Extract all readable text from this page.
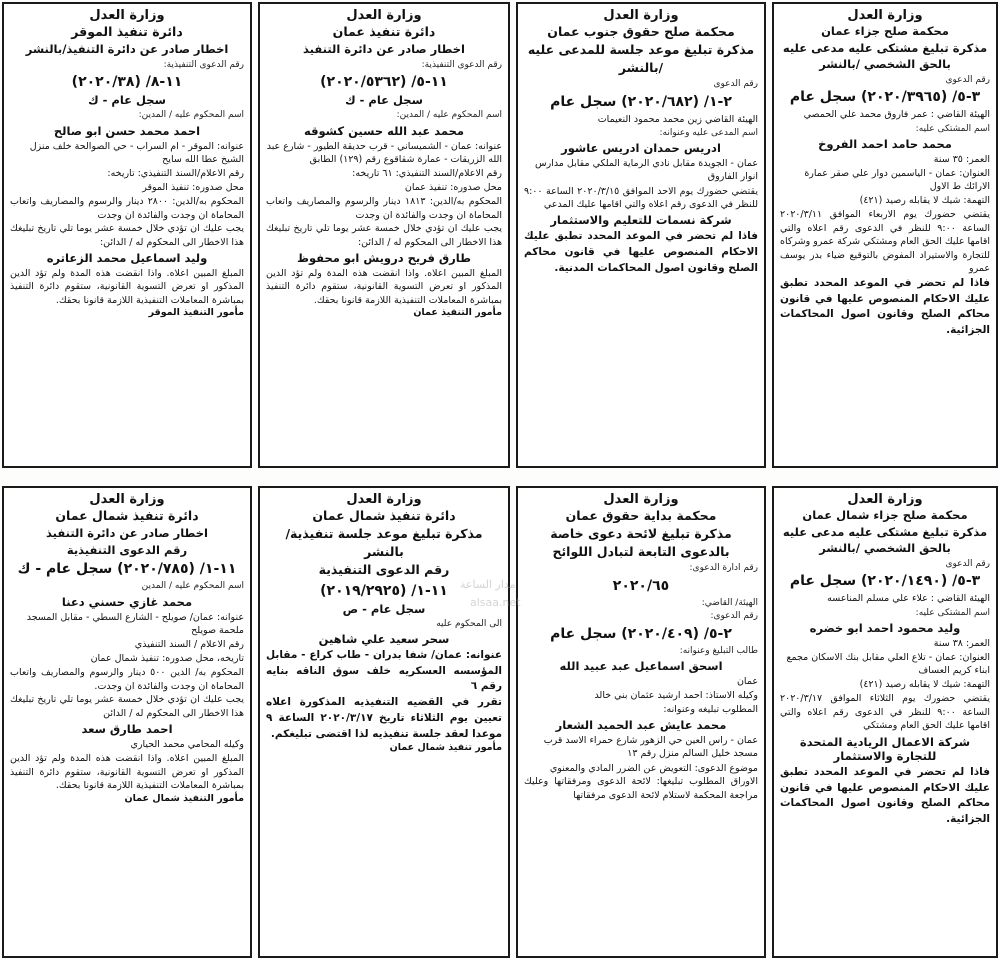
وزارة العدل
محكمة صلح جزاء عمان
مذكرة تبليغ مشتكى عليه مدعى عليه بالحق الشخصي /بالنشر
رقم الدعوى
٣-٥/ (٢٠٢٠/٣٩٦٥) سجل عام
الهيئة القاضي : عمر فاروق محمد علي الحمصي
اسم المشتكى عليه:
محمد حامد احمد الفروخ
العمر: ٣٥ سنة
العنوان: عمان - الياسمين دوار علي صقر عمارة الارائك ط الاول
التهمة: شيك لا يقابله رصيد (٤٢١)
يقتضي حضورك يوم الاربعاء الموافق ٢٠٢٠/٣/١١ الساعة ٩:٠٠ للنظر في الدعوى رقم اعلاه والتي اقامها عليك الحق العام ومشتكي شركة عمرو وشركاه للتجارة والاستيراد المفوض بالتوقيع ضياء بدر يوسف عمرو
فاذا لم تحضر في الموعد المحدد تطبق عليك الاحكام المنصوص عليها في قانون محاكم الصلح وقانون اصول المحاكمات الجزائية.
وزارة العدل
محكمة صلح حقوق جنوب عمان
مذكرة تبليغ موعد جلسة للمدعى عليه /بالنشر
رقم الدعوى
٢-١/ (٢٠٢٠/٦٨٢) سجل عام
الهيئة القاضي زين محمد محمود النعيمات
اسم المدعى عليه وعنوانه:
ادريس حمدان ادريس عاشور
عمان - الجويدة مقابل نادي الرماية الملكي مقابل مدارس انوار الفاروق
يقتضي حضورك يوم الاحد الموافق ٢٠٢٠/٣/١٥ الساعة ٩:٠٠ للنظر في الدعوى رقم اعلاه والتي اقامها عليك المدعي
شركة نسمات للتعليم والاستثمار
فاذا لم تحضر في الموعد المحدد تطبق عليك الاحكام المنصوص عليها في قانون محاكم الصلح وقانون اصول المحاكمات المدنية.
وزارة العدل
دائرة تنفيذ عمان
اخطار صادر عن دائرة التنفيذ
رقم الدعوى التنفيذية:
١١-٥/ (٢٠٢٠/٥٣٦٢)
سجل عام - ك
اسم المحكوم عليه / المدين:
محمد عبد الله حسين كشوقه
عنوانه: عمان - الشميساني - قرب حديقة الطيور - شارع عبد الله الزريقات - عمارة شقاقوع رقم (١٢٩) الطابق
رقم الاعلام/السند التنفيذي: ٦١ تاريخه:
محل صدوره: تنفيذ عمان
المحكوم به/الدين: ١٨١٣ دينار والرسوم والمصاريف واتعاب المحاماة ان وجدت والفائدة ان وجدت
يجب عليك ان تؤدي خلال خمسة عشر يوما تلي تاريخ تبليغك هذا الاخطار الى المحكوم له / الدائن:
طارق فريح درويش ابو محفوظ
المبلغ المبين اعلاه. واذا انقضت هذه المدة ولم تؤد الدين المذكور او تعرض التسوية القانونية، ستقوم دائرة التنفيذ بمباشرة المعاملات التنفيذية اللازمة قانونا بحقك.
مأمور التنفيذ عمان
وزارة العدل
دائرة تنفيذ الموقر
اخطار صادر عن دائرة التنفيذ/بالنشر
رقم الدعوى التنفيذية:
١١-٨/ (٢٠٢٠/٣٨)
سجل عام - ك
اسم المحكوم عليه / المدين:
احمد محمد حسن ابو صالح
عنوانه: الموقر - ام السراب - حي الصوالحة خلف منزل الشيخ عطا الله سايح
رقم الاعلام/السند التنفيذي: تاريخه:
محل صدوره: تنفيذ الموقر
المحكوم به/الدين: ٢٨٠٠ دينار والرسوم والمصاريف واتعاب المحاماة ان وجدت والفائدة ان وجدت
يجب عليك ان تؤدي خلال خمسة عشر يوما تلي تاريخ تبليغك هذا الاخطار الى المحكوم له / الدائن:
وليد اسماعيل محمد الزعاتره
المبلغ المبين اعلاه. واذا انقضت هذه المدة ولم تؤد الدين المذكور او تعرض التسوية القانونية، ستقوم دائرة التنفيذ بمباشرة المعاملات التنفيذية اللازمة قانونا بحقك.
مأمور التنفيذ الموقر
وزارة العدل
محكمة صلح جزاء شمال عمان
مذكرة تبليغ مشتكى عليه مدعى عليه بالحق الشخصي /بالنشر
رقم الدعوى
٣-٥/ (٢٠٢٠/١٤٩٠) سجل عام
الهيئة القاضي : علاء علي مسلم المناعسه
اسم المشتكى عليه:
وليد محمود احمد ابو خضره
العمر: ٣٨ سنة
العنوان: عمان - تلاع العلي مقابل بنك الاسكان مجمع ابناء كريم العساف
التهمة: شيك لا يقابله رصيد (٤٢١)
يقتضي حضورك يوم الثلاثاء الموافق ٢٠٢٠/٣/١٧ الساعة ٩:٠٠ للنظر في الدعوى رقم اعلاه والتي اقامها عليك الحق العام ومشتكي
شركة الاعمال الريادية المتحدة للتجارة والاستثمار
فاذا لم تحضر في الموعد المحدد تطبق عليك الاحكام المنصوص عليها في قانون محاكم الصلح وقانون اصول المحاكمات الجزائية.
وزارة العدل
محكمة بداية حقوق عمان
مذكرة تبليغ لائحة دعوى خاصة بالدعوى التابعة لتبادل اللوائح
رقم ادارة الدعوى:
٢٠٢٠/٦٥
الهيئة/ القاضي:
رقم الدعوى:
٢-٥/ (٢٠٢٠/٤٠٩) سجل عام
طالب التبليغ وعنوانه:
اسحق اسماعيل عبد عبيد الله
عمان
وكيله الاستاذ: احمد ارشيد عثمان بني خالد
المطلوب تبليغه وعنوانه:
محمد عايش عبد الحميد الشعار
عمان - راس العين حي الزهور شارع حمراء الاسد قرب مسجد خليل السالم منزل رقم ١٣
موضوع الدعوى: التعويض عن الضرر المادي والمعنوي
الاوراق المطلوب تبليغها: لائحة الدعوى ومرفقاتها وعليك مراجعة المحكمة لاستلام لائحة الدعوى مرفقاتها
وزارة العدل
دائرة تنفيذ شمال عمان
مذكرة تبليغ موعد جلسة تنفيذية/ بالنشر
رقم الدعوى التنفيذية
١١-١/ (٢٠١٩/٢٩٢٥)
سجل عام - ص
الى المحكوم عليه
سحر سعيد علي شاهين
عنوانه: عمان/ شفا بدران - طاب كراع - مقابل المؤسسه العسكريه خلف سوق الناقه بنايه رقم ٦
تقرر في القضيه التنفيذيه المذكورة اعلاه تعيين يوم الثلاثاء تاريخ ٢٠٢٠/٣/١٧ الساعة ٩ موعدا لعقد جلسة تنفيذيه لذا اقتضى تبليغكم.
مأمور تنفيذ شمال عمان
وزارة العدل
دائرة تنفيذ شمال عمان
اخطار صادر عن دائرة التنفيذ
رقم الدعوى التنفيذية
١١-١/ (٢٠٢٠/٧٨٥) سجل عام - ك
اسم المحكوم عليه / المدين
محمد غازي حسني دعنا
عنوانه: عمان/ صويلح - الشارع السطي - مقابل المسجد ملحمة صويلح
رقم الاعلام / السند التنفيذي
تاريخه، محل صدوره: تنفيذ شمال عمان
المحكوم به/ الدين ٥٠٠ دينار والرسوم والمصاريف واتعاب المحاماة ان وجدت والفائدة ان وجدت.
يجب عليك ان تؤدي خلال خمسة عشر يوما تلي تاريخ تبليغك هذا الاخطار الى المحكوم له / الدائن
احمد طارق سعد
وكيله المحامي محمد الحياري
المبلغ المبين اعلاه. واذا انقضت هذه المدة ولم تؤد الدين المذكور او تعرض التسوية القانونية، ستقوم دائرة التنفيذ بمباشرة المعاملات التنفيذية اللازمة قانونا بحقك.
مأمور التنفيذ شمال عمان
مدار الساعة
alsaa.net
